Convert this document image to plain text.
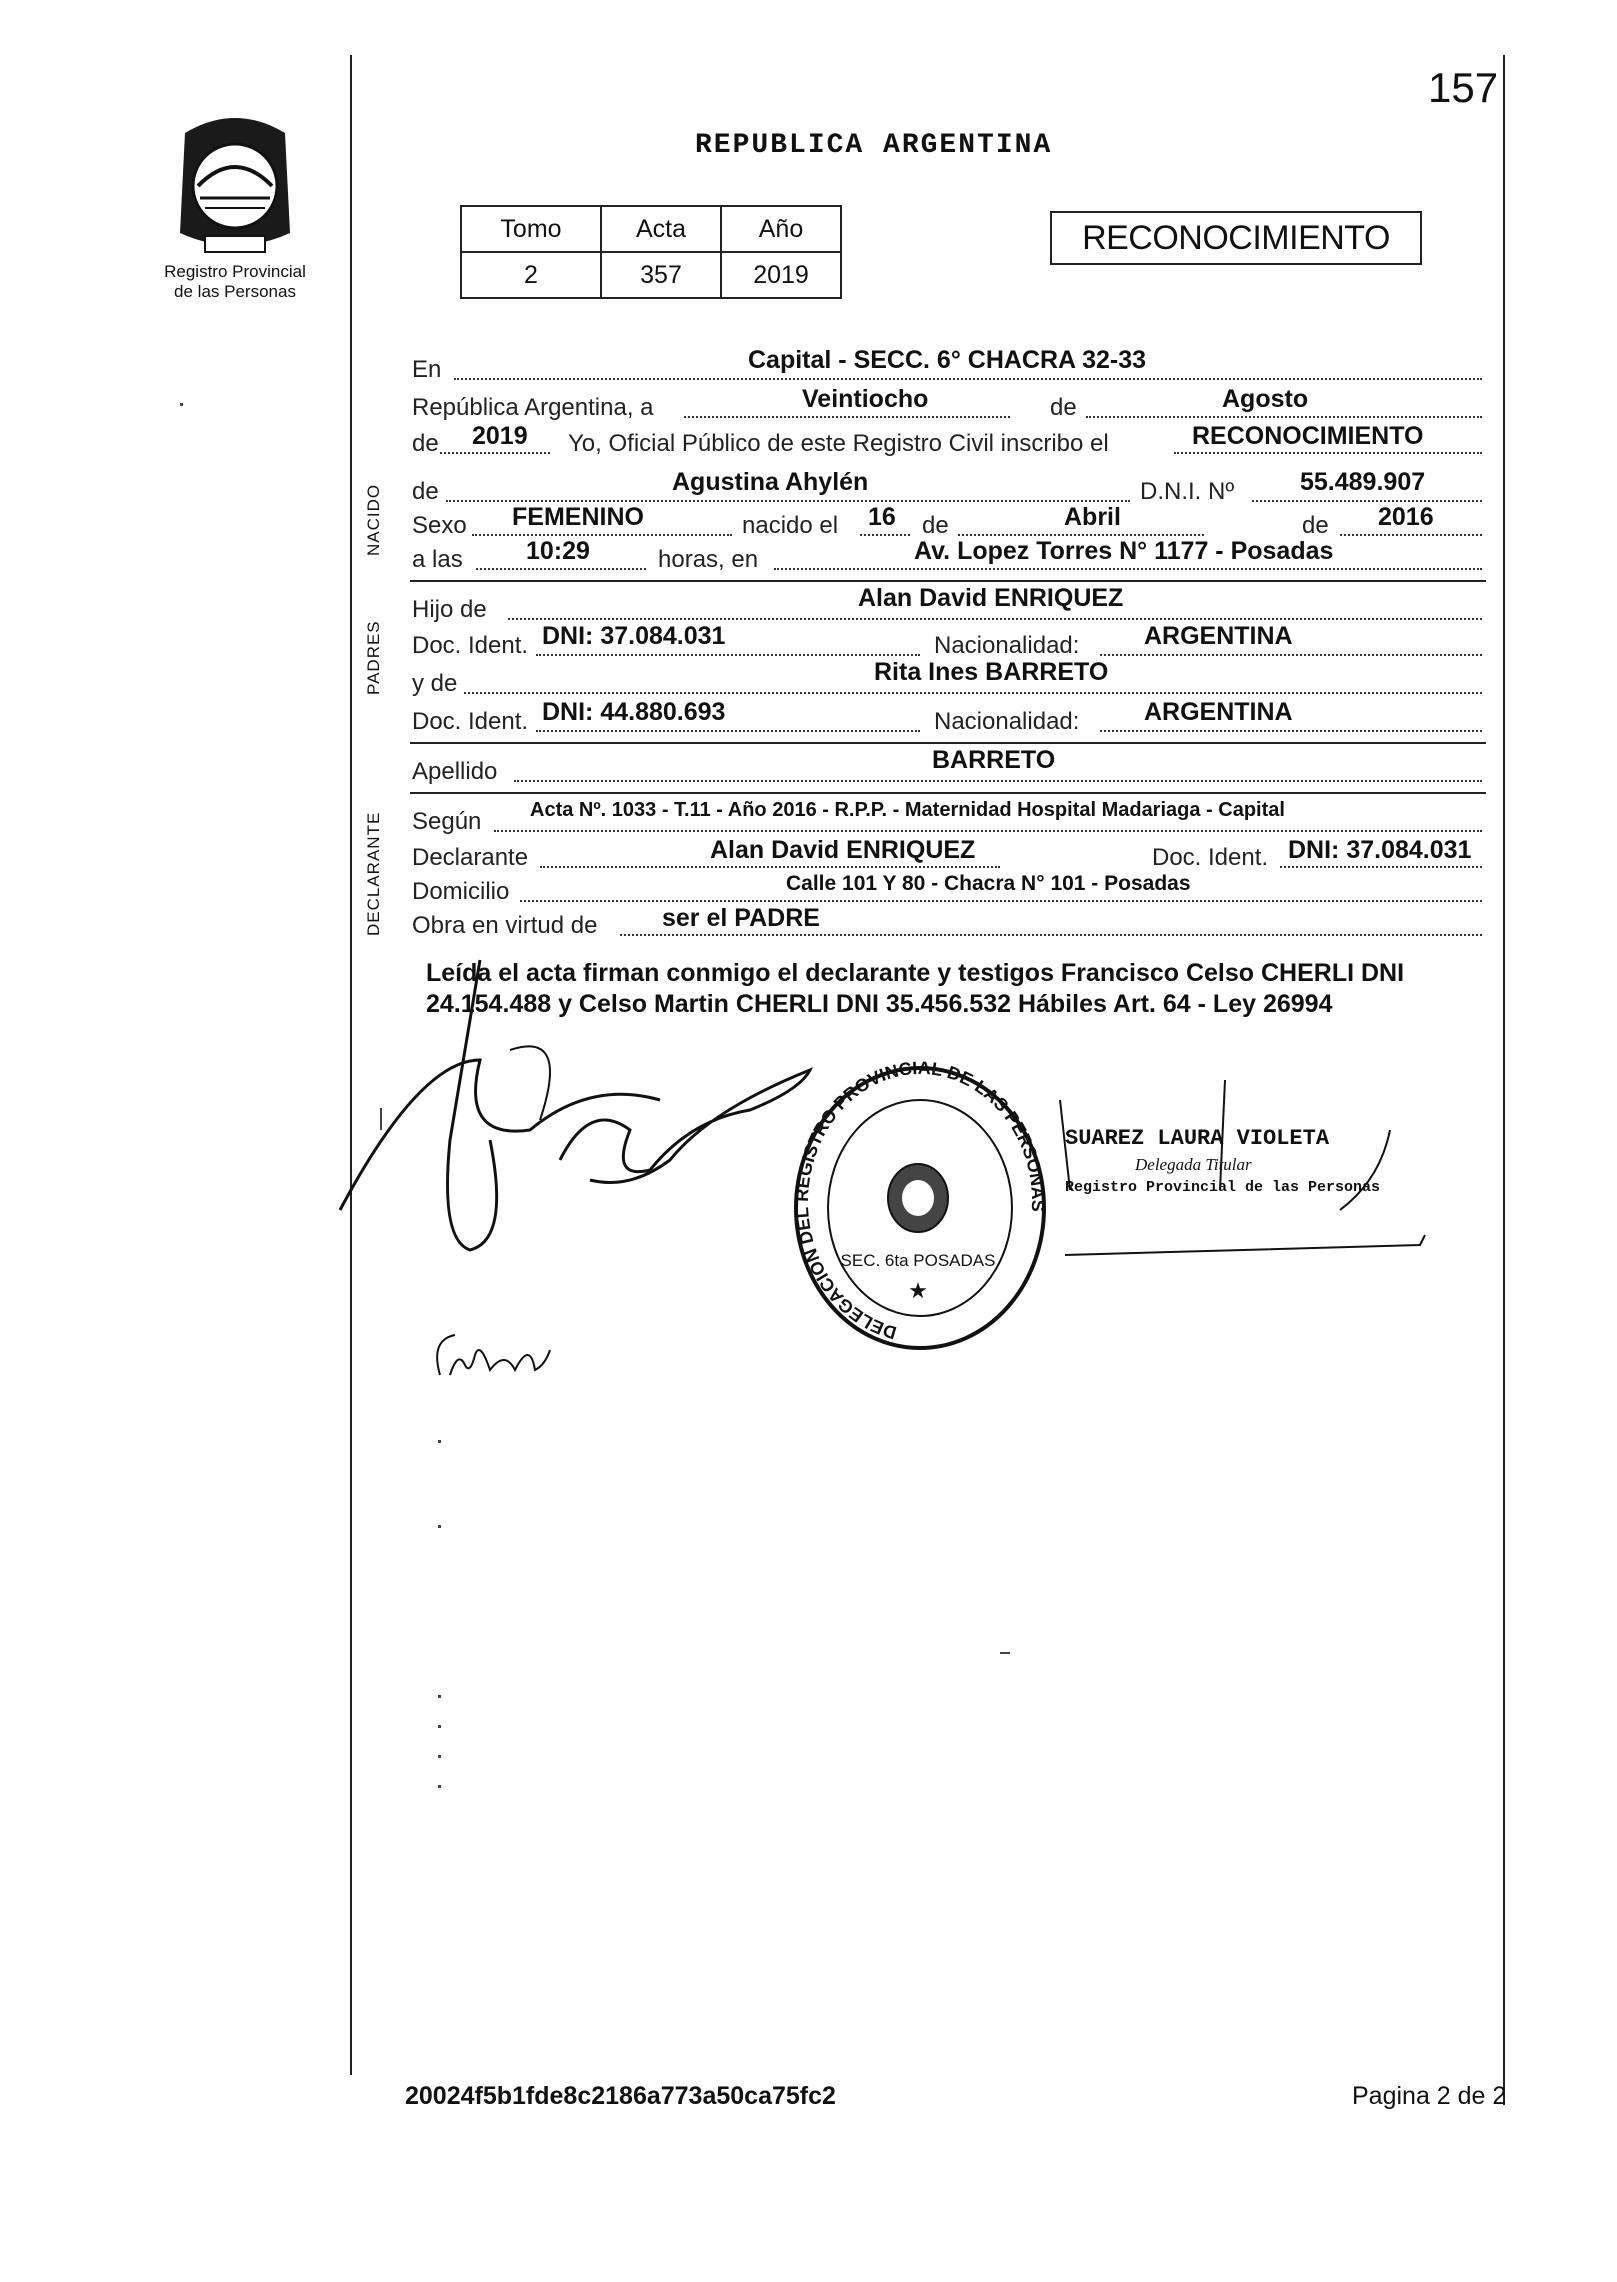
157
Registro Provincial
de las Personas
REPUBLICA ARGENTINA
Tomo	Acta	Año
2	357	2019
RECONOCIMIENTO
NACIDO
PADRES
DECLARANTE
En	Capital - SECC. 6° CHACRA 32-33
República Argentina, a	Veintiocho	de	Agosto
de 2019 Yo, Oficial Público de este Registro Civil inscribo el	RECONOCIMIENTO
de	Agustina Ahylén	D.N.I. Nº	55.489.907
Sexo FEMENINO	nacido el 16 de	Abril	de 2016
a las	10:29	horas, en	Av. Lopez Torres N° 1177 - Posadas
Hijo de	Alan David ENRIQUEZ
Doc. Ident. DNI: 37.084.031	Nacionalidad:	ARGENTINA
y de	Rita Ines BARRETO
Doc. Ident. DNI: 44.880.693	Nacionalidad:	ARGENTINA
Apellido	BARRETO
Según Acta Nº. 1033 - T.11 - Año 2016 - R.P.P. - Maternidad Hospital Madariaga - Capital
Declarante	Alan David ENRIQUEZ	Doc. Ident. DNI: 37.084.031
Domicilio	Calle 101 Y 80 - Chacra N° 101 - Posadas
Obra en virtud de	ser el PADRE
Leída el acta firman conmigo el declarante y testigos Francisco Celso CHERLI DNI 24.154.488 y Celso Martin CHERLI DNI 35.456.532 Hábiles Art. 64 - Ley 26994
DELEGACION DEL REGISTRO PROVINCIAL DE LAS PERSONAS
SEC. 6ta POSADAS
★
SUAREZ LAURA VIOLETA
Delegada Titular
Registro Provincial de las Personas
20024f5b1fde8c2186a773a50ca75fc2	Pagina 2 de 2
